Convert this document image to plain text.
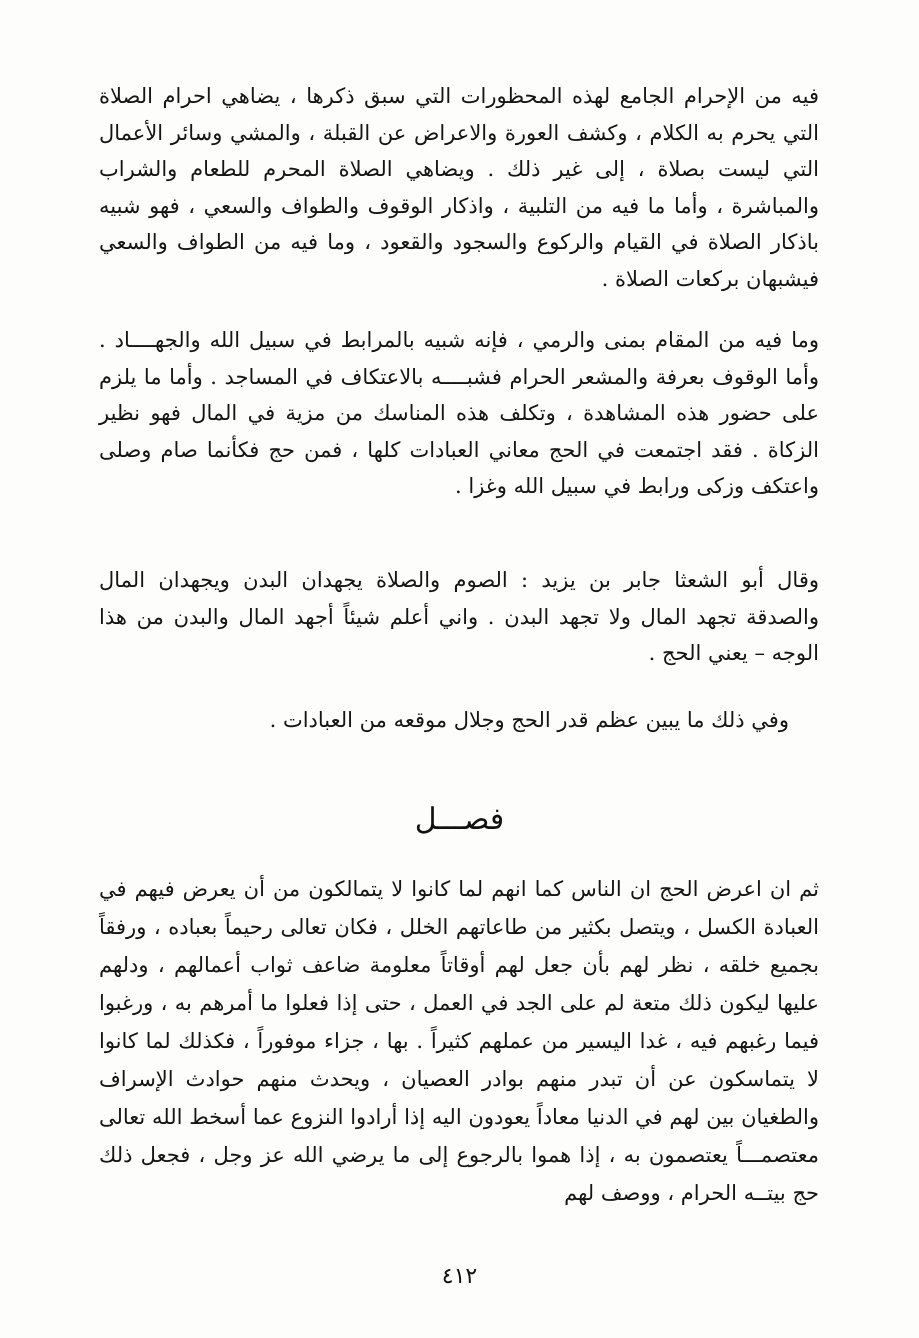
فيه من الإحرام الجامع لهذه المحظورات التي سبق ذكرها ، يضاهي احرام الصلاة التي يحرم به الكلام ، وكشف العورة والاعراض عن القبلة ، والمشي وسائر الأعمال التي ليست بصلاة ، إلى غير ذلك . ويضاهي الصلاة المحرم للطعام والشراب والمباشرة ، وأما ما فيه من التلبية ، واذكار الوقوف والطواف والسعي ، فهو شبيه باذكار الصلاة في القيام والركوع والسجود والقعود ، وما فيه من الطواف والسعي فيشبهان بركعات الصلاة .

وما فيه من المقام بمنى والرمي ، فإنه شبيه بالمرابط في سبيل الله والجهــــاد . وأما الوقوف بعرفة والمشعر الحرام فشبــــه بالاعتكاف في المساجد . وأما ما يلزم على حضور هذه المشاهدة ، وتكلف هذه المناسك من مزية في المال فهو نظير الزكاة . فقد اجتمعت في الحج معاني العبادات كلها ، فمن حج فكأنما صام وصلى واعتكف وزكى ورابط في سبيل الله وغزا .

وقال أبو الشعثا جابر بن يزيد : الصوم والصلاة يجهدان البدن ويجهدان المال والصدقة تجهد المال ولا تجهد البدن . واني أعلم شيئاً أجهد المال والبدن من هذا الوجه – يعني الحج .

وفي ذلك ما يبين عظم قدر الحج وجلال موقعه من العبادات .

فصـــل

ثم ان اعرض الحج ان الناس كما انهم لما كانوا لا يتمالكون من أن يعرض فيهم في العبادة الكسل ، ويتصل بكثير من طاعاتهم الخلل ، فكان تعالى رحيماً بعباده ، ورفقاً بجميع خلقه ، نظر لهم بأن جعل لهم أوقاتاً معلومة ضاعف ثواب أعمالهم ، ودلهم عليها ليكون ذلك متعة لم على الجد في العمل ، حتى إذا فعلوا ما أمرهم به ، ورغبوا فيما رغبهم فيه ، غدا اليسير من عملهم كثيراً . بها ، جزاء موفوراً ، فكذلك لما كانوا لا يتماسكون عن أن تبدر منهم بوادر العصيان ، ويحدث منهم حوادث الإسراف والطغيان بين لهم في الدنيا معاداً يعودون اليه إذا أرادوا النزوع عما أسخط الله تعالى معتصمـــاً يعتصمون به ، إذا هموا بالرجوع إلى ما يرضي الله عز وجل ، فجعل ذلك حج بيتــه الحرام ، ووصف لهم

٤١٢
